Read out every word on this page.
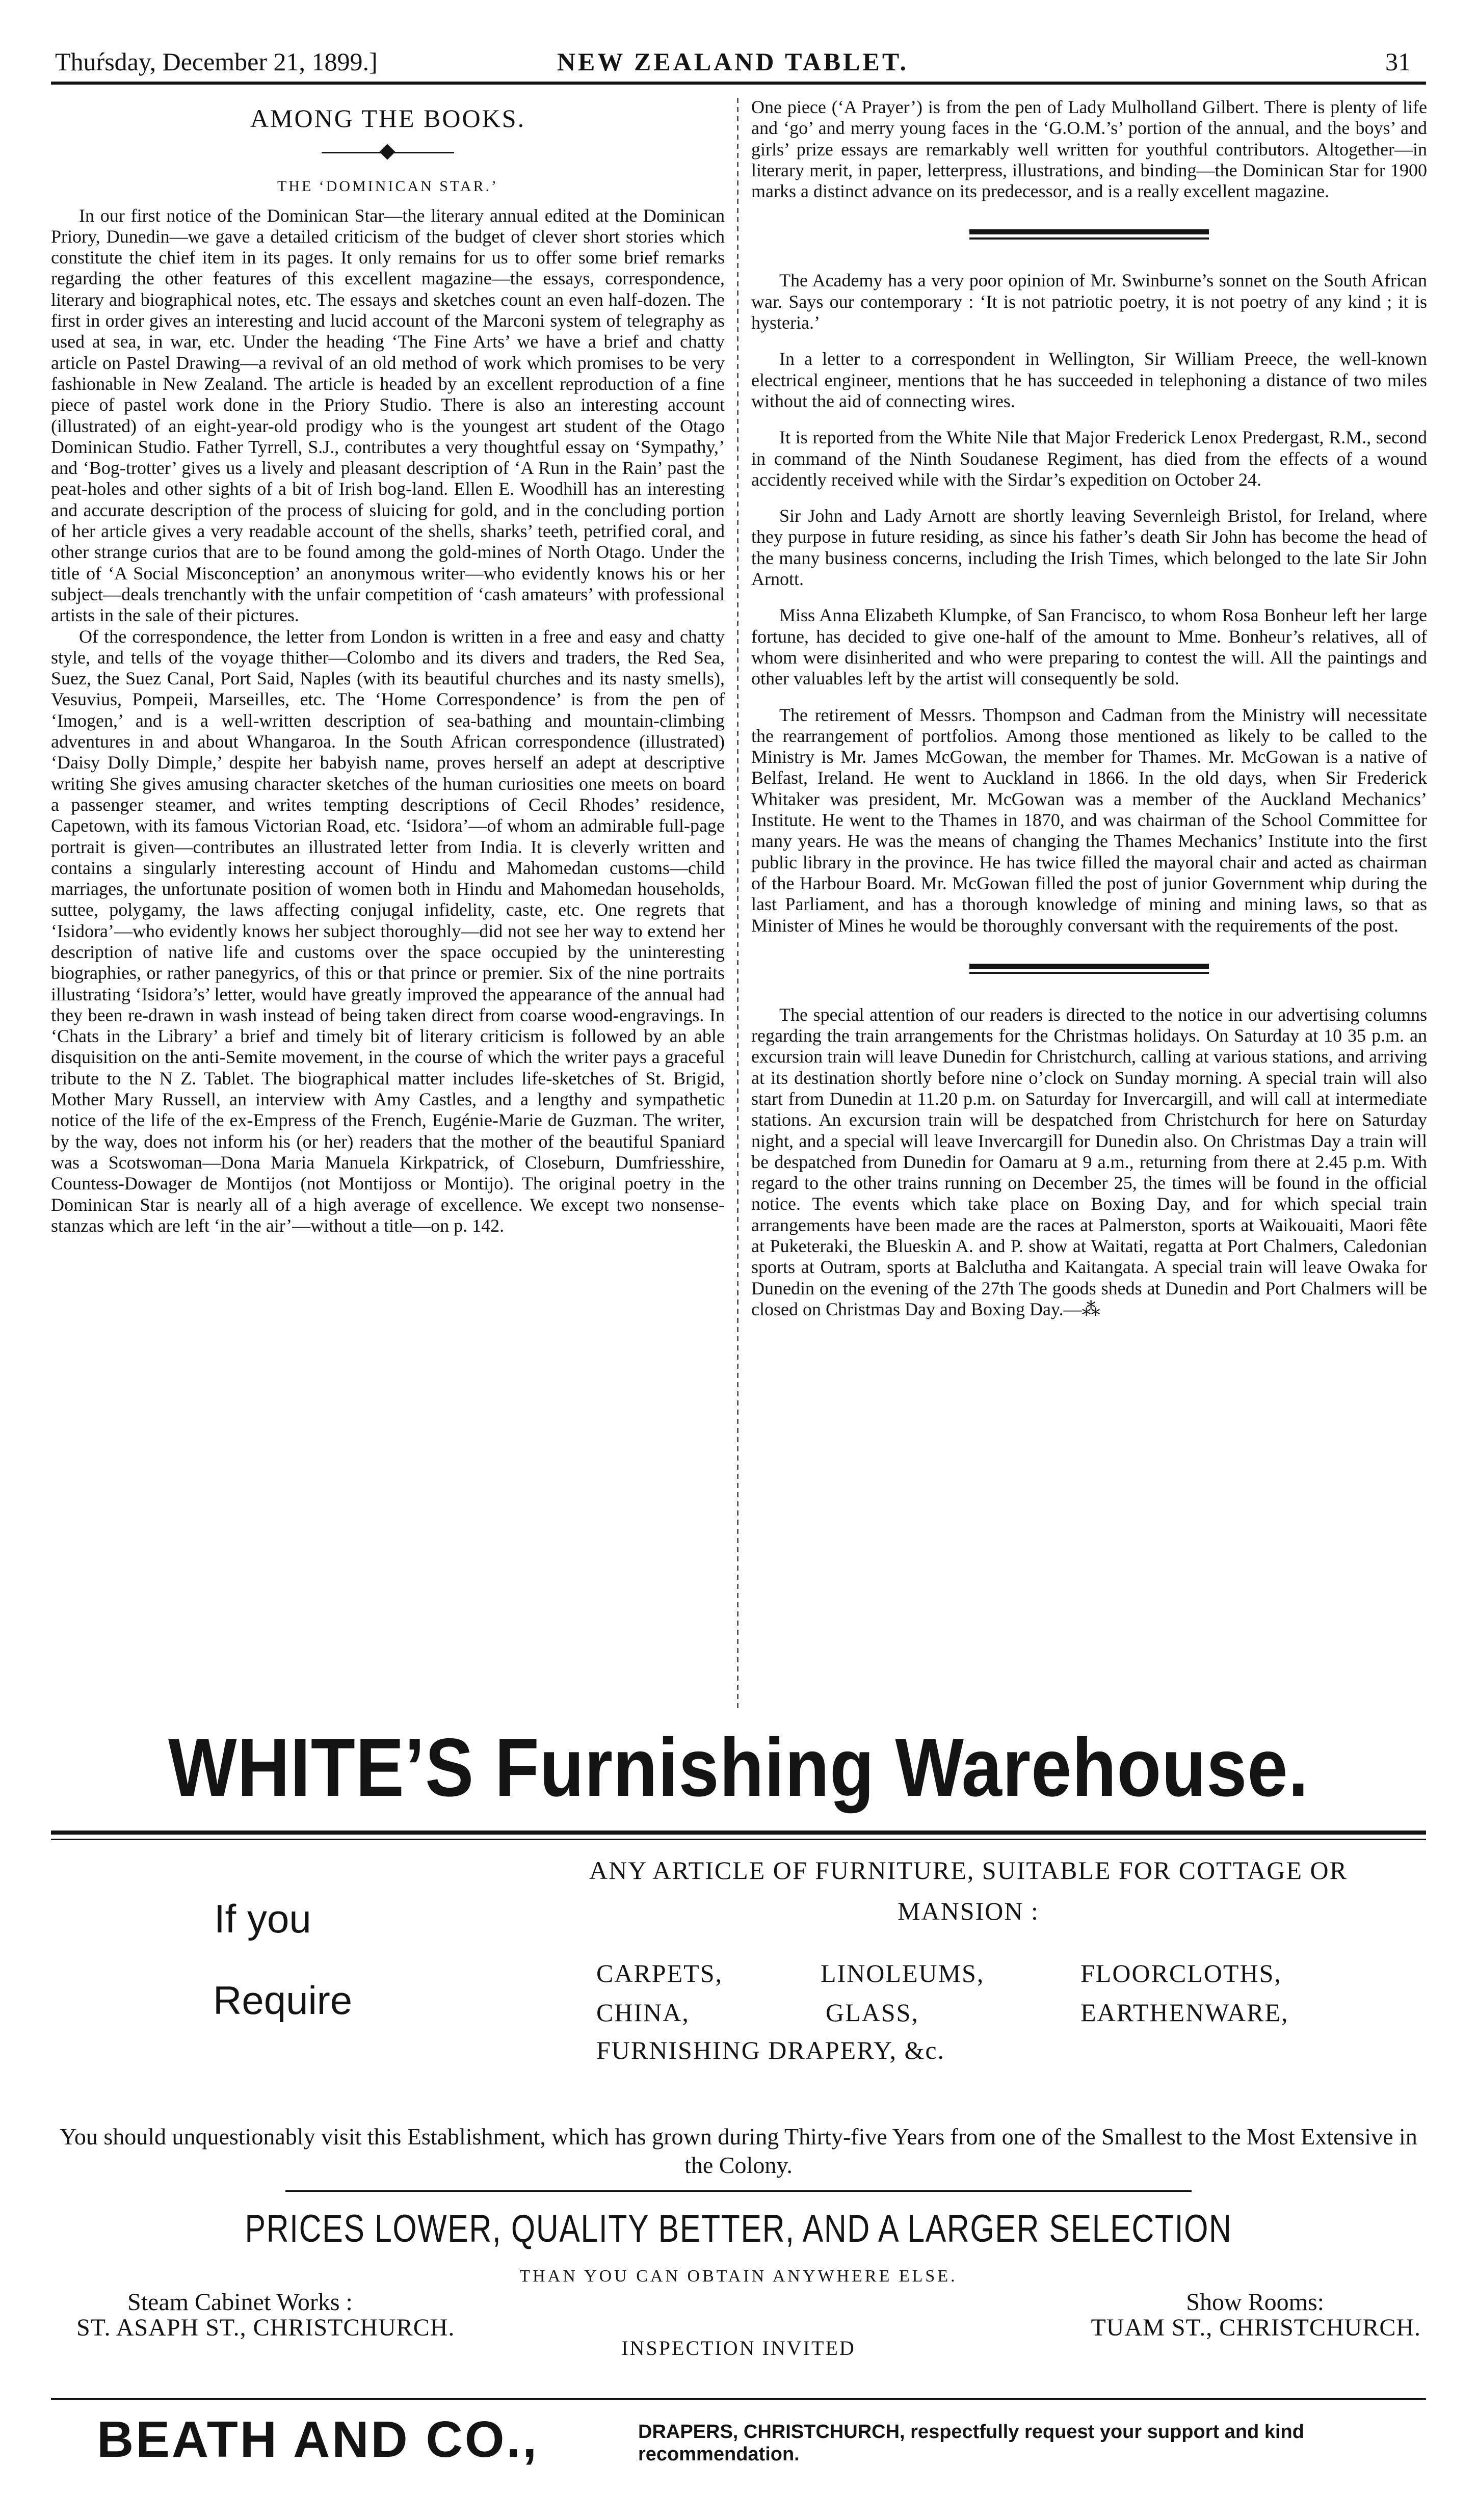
Thuŕsday, December 21, 1899.]	NEW ZEALAND TABLET.	31
AMONG THE BOOKS.
THE ‘DOMINICAN STAR.’

In our first notice of the Dominican Star—the literary annual edited at the Dominican Priory, Dunedin—we gave a detailed criticism of the budget of clever short stories which constitute the chief item in its pages. It only remains for us to offer some brief remarks regarding the other features of this excellent magazine—the essays, correspondence, literary and biographical notes, etc. The essays and sketches count an even half-dozen. The first in order gives an interesting and lucid account of the Marconi system of telegraphy as used at sea, in war, etc. Under the heading ‘The Fine Arts’ we have a brief and chatty article on Pastel Drawing—a revival of an old method of work which promises to be very fashionable in New Zealand. The article is headed by an excellent reproduction of a fine piece of pastel work done in the Priory Studio. There is also an interesting account (illustrated) of an eight-year-old prodigy who is the youngest art student of the Otago Dominican Studio. Father Tyrrell, S.J., contributes a very thoughtful essay on ‘Sympathy,’ and ‘Bog-trotter’ gives us a lively and pleasant description of ‘A Run in the Rain’ past the peat-holes and other sights of a bit of Irish bog-land. Ellen E. Woodhill has an interesting and accurate description of the process of sluicing for gold, and in the concluding portion of her article gives a very readable account of the shells, sharks’ teeth, petrified coral, and other strange curios that are to be found among the gold-mines of North Otago. Under the title of ‘A Social Misconception’ an anonymous writer—who evidently knows his or her subject—deals trenchantly with the unfair competition of ‘cash amateurs’ with professional artists in the sale of their pictures.

Of the correspondence, the letter from London is written in a free and easy and chatty style, and tells of the voyage thither—Colombo and its divers and traders, the Red Sea, Suez, the Suez Canal, Port Said, Naples (with its beautiful churches and its nasty smells), Vesuvius, Pompeii, Marseilles, etc. The ‘Home Correspondence’ is from the pen of ‘Imogen,’ and is a well-written description of sea-bathing and mountain-climbing adventures in and about Whangaroa. In the South African correspondence (illustrated) ‘Daisy Dolly Dimple,’ despite her babyish name, proves herself an adept at descriptive writing She gives amusing character sketches of the human curiosities one meets on board a passenger steamer, and writes tempting descriptions of Cecil Rhodes’ residence, Capetown, with its famous Victorian Road, etc. ‘Isidora’—of whom an admirable full-page portrait is given—contributes an illustrated letter from India. It is cleverly written and contains a singularly interesting account of Hindu and Mahomedan customs—child marriages, the unfortunate position of women both in Hindu and Mahomedan households, suttee, polygamy, the laws affecting conjugal infidelity, caste, etc. One regrets that ‘Isidora’—who evidently knows her subject thoroughly—did not see her way to extend her description of native life and customs over the space occupied by the uninteresting biographies, or rather panegyrics, of this or that prince or premier. Six of the nine portraits illustrating ‘Isidora’s’ letter, would have greatly improved the appearance of the annual had they been re-drawn in wash instead of being taken direct from coarse wood-engravings. In ‘Chats in the Library’ a brief and timely bit of literary criticism is followed by an able disquisition on the anti-Semite movement, in the course of which the writer pays a graceful tribute to the N Z. Tablet. The biographical matter includes life-sketches of St. Brigid, Mother Mary Russell, an interview with Amy Castles, and a lengthy and sympathetic notice of the life of the ex-Empress of the French, Eugénie-Marie de Guzman. The writer, by the way, does not inform his (or her) readers that the mother of the beautiful Spaniard was a Scotswoman—Dona Maria Manuela Kirkpatrick, of Closeburn, Dumfriesshire, Countess-Dowager de Montijos (not Montijoss or Montijo). The original poetry in the Dominican Star is nearly all of a high average of excellence. We except two nonsense-stanzas which are left ‘in the air’—without a title—on p. 142.

One piece (‘A Prayer’) is from the pen of Lady Mulholland Gilbert. There is plenty of life and ‘go’ and merry young faces in the ‘G.O.M.’s’ portion of the annual, and the boys’ and girls’ prize essays are remarkably well written for youthful contributors. Altogether—in literary merit, in paper, letterpress, illustrations, and binding—the Dominican Star for 1900 marks a distinct advance on its predecessor, and is a really excellent magazine.

The Academy has a very poor opinion of Mr. Swinburne’s sonnet on the South African war. Says our contemporary : ‘It is not patriotic poetry, it is not poetry of any kind ; it is hysteria.’

In a letter to a correspondent in Wellington, Sir William Preece, the well-known electrical engineer, mentions that he has succeeded in telephoning a distance of two miles without the aid of connecting wires.

It is reported from the White Nile that Major Frederick Lenox Predergast, R.M., second in command of the Ninth Soudanese Regiment, has died from the effects of a wound accidently received while with the Sirdar’s expedition on October 24.

Sir John and Lady Arnott are shortly leaving Severnleigh Bristol, for Ireland, where they purpose in future residing, as since his father’s death Sir John has become the head of the many business concerns, including the Irish Times, which belonged to the late Sir John Arnott.

Miss Anna Elizabeth Klumpke, of San Francisco, to whom Rosa Bonheur left her large fortune, has decided to give one-half of the amount to Mme. Bonheur’s relatives, all of whom were disinherited and who were preparing to contest the will. All the paintings and other valuables left by the artist will consequently be sold.

The retirement of Messrs. Thompson and Cadman from the Ministry will necessitate the rearrangement of portfolios. Among those mentioned as likely to be called to the Ministry is Mr. James McGowan, the member for Thames. Mr. McGowan is a native of Belfast, Ireland. He went to Auckland in 1866. In the old days, when Sir Frederick Whitaker was president, Mr. McGowan was a member of the Auckland Mechanics’ Institute. He went to the Thames in 1870, and was chairman of the School Committee for many years. He was the means of changing the Thames Mechanics’ Institute into the first public library in the province. He has twice filled the mayoral chair and acted as chairman of the Harbour Board. Mr. McGowan filled the post of junior Government whip during the last Parliament, and has a thorough knowledge of mining and mining laws, so that as Minister of Mines he would be thoroughly conversant with the requirements of the post.

The special attention of our readers is directed to the notice in our advertising columns regarding the train arrangements for the Christmas holidays. On Saturday at 10 35 p.m. an excursion train will leave Dunedin for Christchurch, calling at various stations, and arriving at its destination shortly before nine o’clock on Sunday morning. A special train will also start from Dunedin at 11.20 p.m. on Saturday for Invercargill, and will call at intermediate stations. An excursion train will be despatched from Christchurch for here on Saturday night, and a special will leave Invercargill for Dunedin also. On Christmas Day a train will be despatched from Dunedin for Oamaru at 9 a.m., returning from there at 2.45 p.m. With regard to the other trains running on December 25, the times will be found in the official notice. The events which take place on Boxing Day, and for which special train arrangements have been made are the races at Palmerston, sports at Waikouaiti, Maori fête at Puketeraki, the Blueskin A. and P. show at Waitati, regatta at Port Chalmers, Caledonian sports at Outram, sports at Balclutha and Kaitangata. A special train will leave Owaka for Dunedin on the evening of the 27th The goods sheds at Dunedin and Port Chalmers will be closed on Christmas Day and Boxing Day.—⁂

WHITE’S Furnishing Warehouse.
ANY ARTICLE OF FURNITURE, SUITABLE FOR COTTAGE OR
MANSION :
If you
Require
CARPETS,	LINOLEUMS,	FLOORCLOTHS,
CHINA,	GLASS,	EARTHENWARE,
FURNISHING DRAPERY, &c.
You should unquestionably visit this Establishment, which has grown during Thirty-five Years from one of the Smallest to the Most Extensive in the Colony.
PRICES LOWER, QUALITY BETTER, AND A LARGER SELECTION
THAN YOU CAN OBTAIN ANYWHERE ELSE.
Steam Cabinet Works :
ST. ASAPH ST., CHRISTCHURCH.
Show Rooms:
TUAM ST., CHRISTCHURCH.
INSPECTION INVITED
BEATH AND CO.,	DRAPERS, CHRISTCHURCH, respectfully request your support and kind recommendation.
